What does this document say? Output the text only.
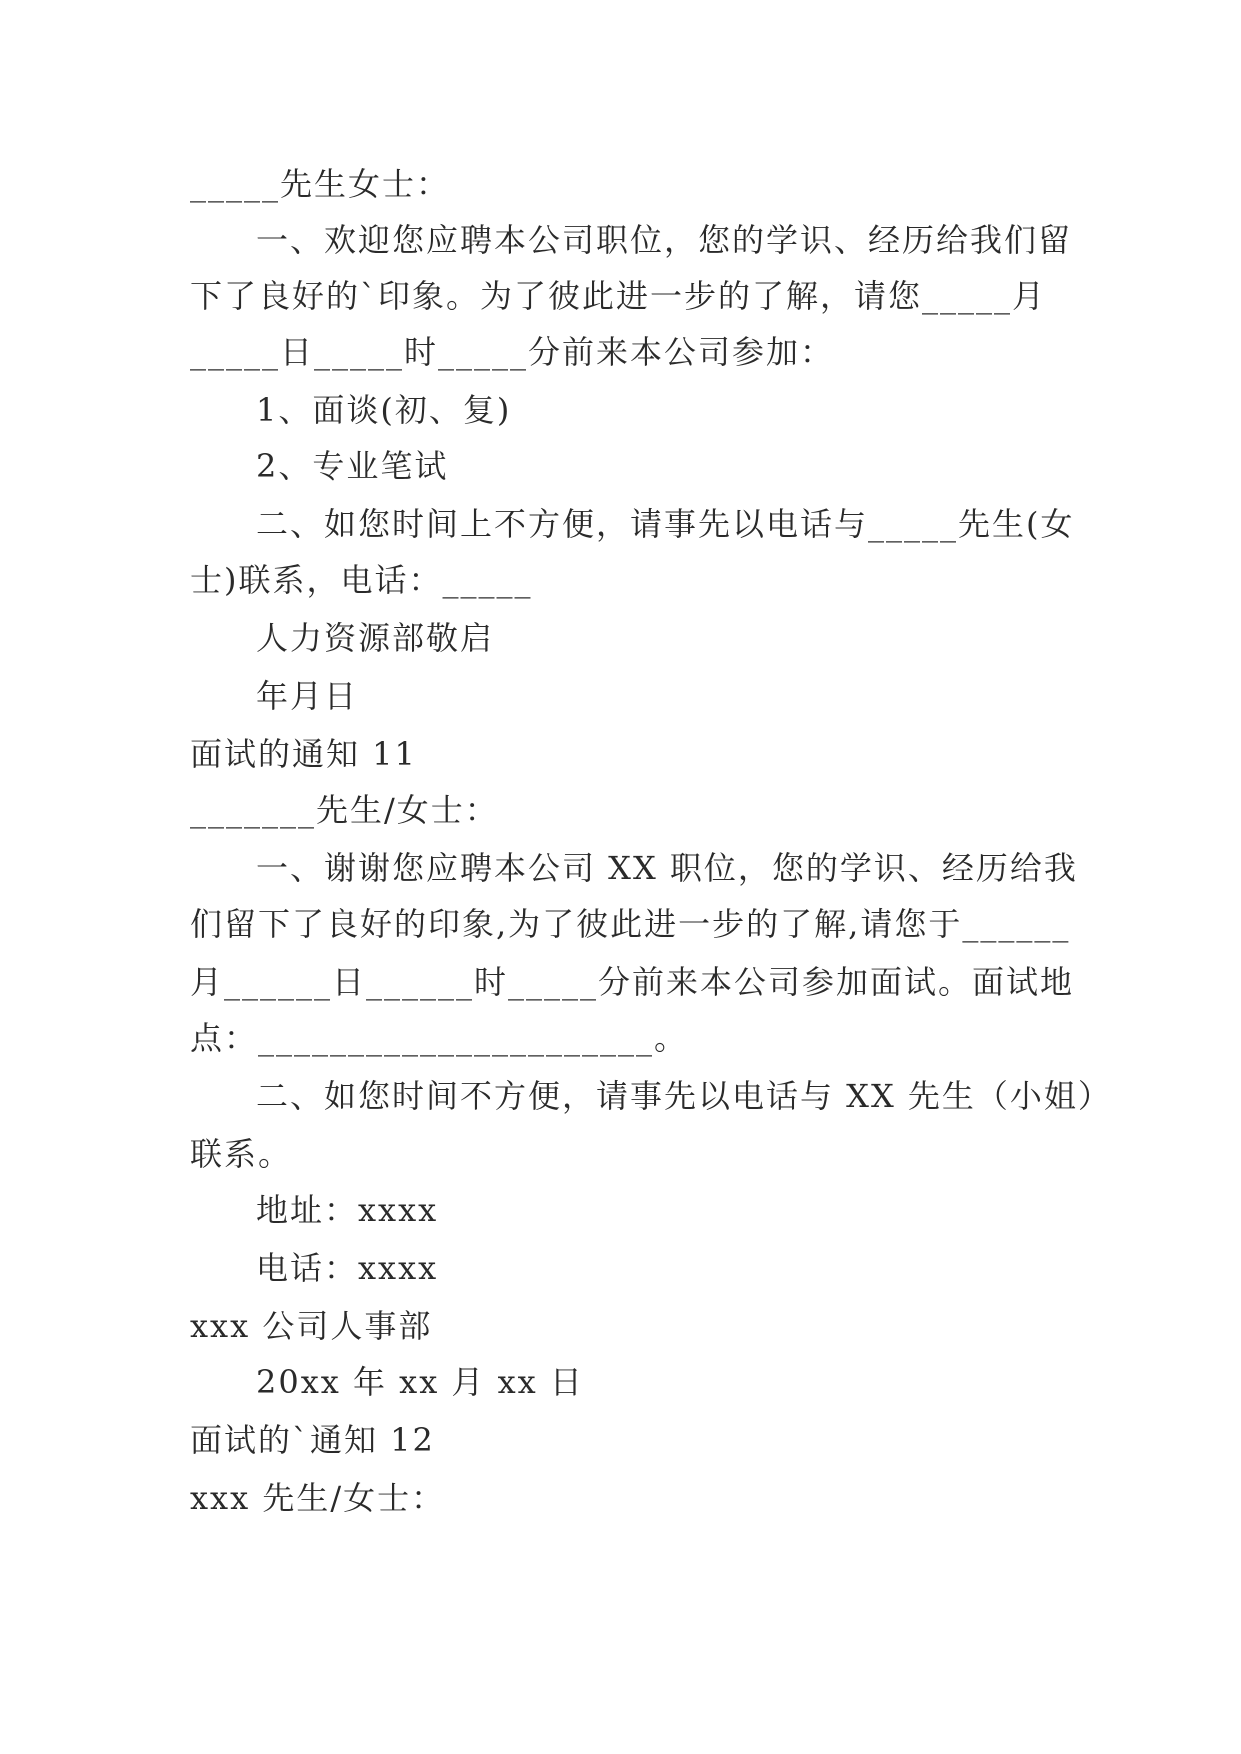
_____先生女士：
一、欢迎您应聘本公司职位，您的学识、经历给我们留
下了良好的`印象。为了彼此进一步的了解，请您_____月
_____日_____时_____分前来本公司参加：
1、面谈(初、复)
2、专业笔试
二、如您时间上不方便，请事先以电话与_____先生(女
士)联系，电话：_____
人力资源部敬启
年月日
面试的通知 11
_______先生/女士：
一、谢谢您应聘本公司 XX 职位，您的学识、经历给我
们留下了良好的印象,为了彼此进一步的了解,请您于______
月______日______时_____分前来本公司参加面试。面试地
点：______________________。
二、如您时间不方便，请事先以电话与 XX 先生（小姐）
联系。
地址：xxxx
电话：xxxx
xxx 公司人事部
20xx 年 xx 月 xx 日
面试的`通知 12
xxx 先生/女士：
